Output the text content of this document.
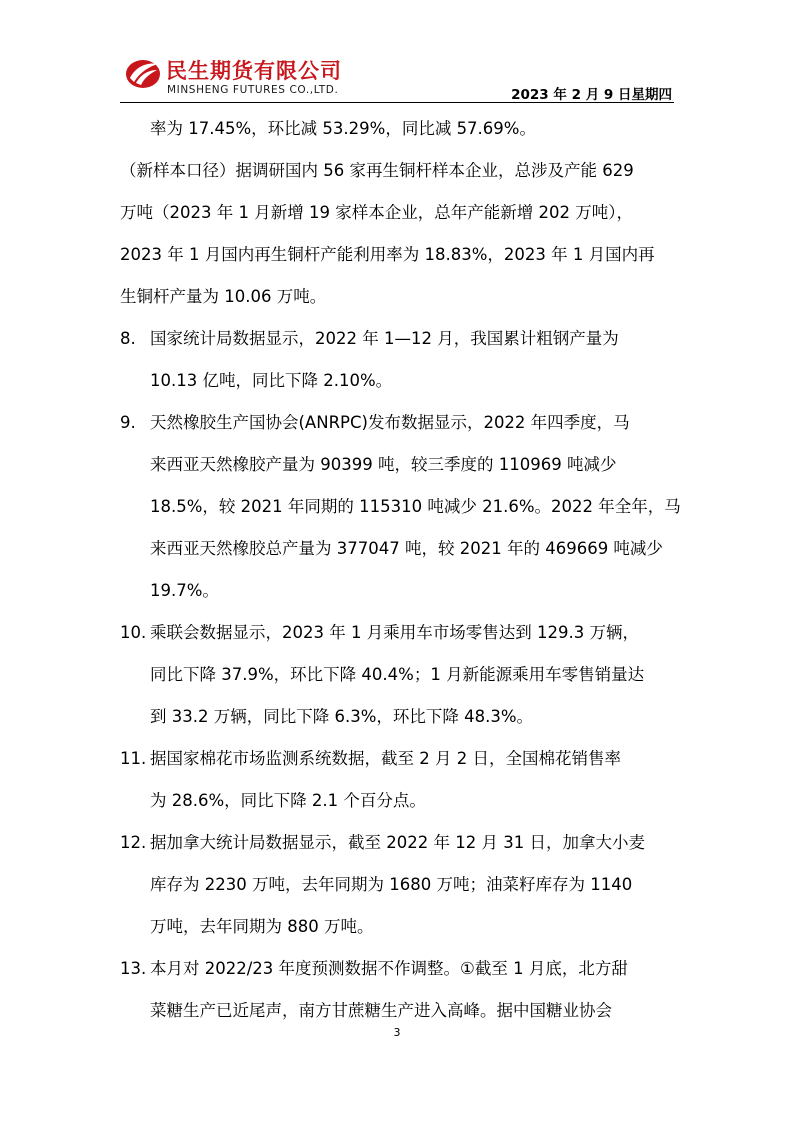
民生期货有限公司
MINSHENG FUTURES CO.,LTD.	2023 年 2 月 9 日星期四
率为 17.45%，环比减 53.29%，同比减 57.69%。
（新样本口径）据调研国内 56 家再生铜杆样本企业，总涉及产能 629
万吨（2023 年 1 月新增 19 家样本企业，总年产能新增 202 万吨），
2023 年 1 月国内再生铜杆产能利用率为 18.83%，2023 年 1 月国内再
生铜杆产量为 10.06 万吨。
8. 国家统计局数据显示，2022 年 1—12 月，我国累计粗钢产量为
10.13 亿吨，同比下降 2.10%。
9. 天然橡胶生产国协会(ANRPC)发布数据显示，2022 年四季度，马
来西亚天然橡胶产量为 90399 吨，较三季度的 110969 吨减少
18.5%，较 2021 年同期的 115310 吨减少 21.6%。2022 年全年，马
来西亚天然橡胶总产量为 377047 吨，较 2021 年的 469669 吨减少
19.7%。
10. 乘联会数据显示，2023 年 1 月乘用车市场零售达到 129.3 万辆，
同比下降 37.9%，环比下降 40.4%；1 月新能源乘用车零售销量达
到 33.2 万辆，同比下降 6.3%，环比下降 48.3%。
11. 据国家棉花市场监测系统数据，截至 2 月 2 日，全国棉花销售率
为 28.6%，同比下降 2.1 个百分点。
12. 据加拿大统计局数据显示，截至 2022 年 12 月 31 日，加拿大小麦
库存为 2230 万吨，去年同期为 1680 万吨；油菜籽库存为 1140
万吨，去年同期为 880 万吨。
13. 本月对 2022/23 年度预测数据不作调整。①截至 1 月底，北方甜
菜糖生产已近尾声，南方甘蔗糖生产进入高峰。据中国糖业协会
3
